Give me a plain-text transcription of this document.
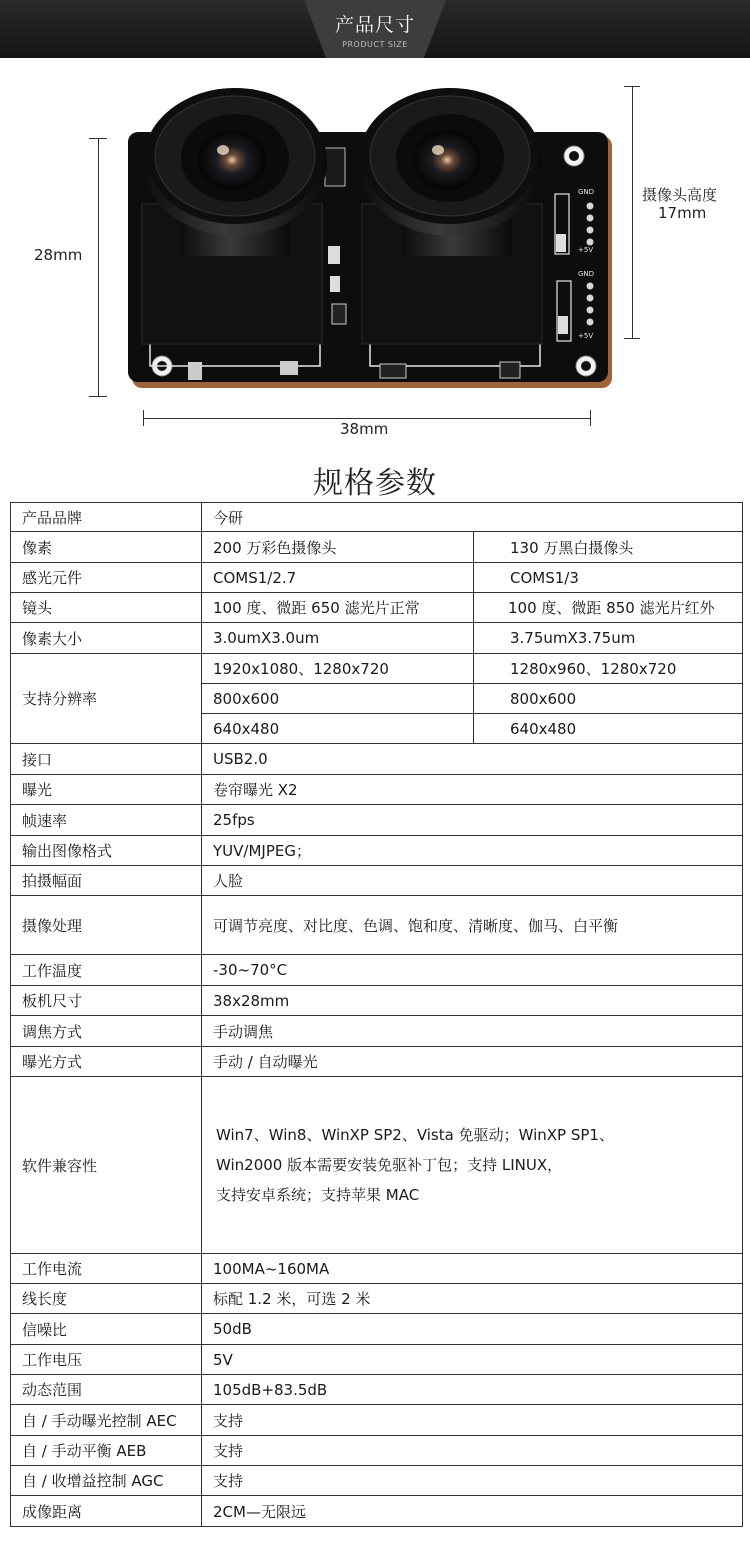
产品尺寸
PRODUCT SIZE
28mm
摄像头高度
17mm
38mm
GND
+5V
GND
+5V
规格参数
产品品牌	今研	
像素	200 万彩色摄像头	130 万黑白摄像头
感光元件	COMS1/2.7	COMS1/3
镜头	100 度、微距 650 滤光片正常	100 度、微距 850 滤光片红外
像素大小	3.0umX3.0um	3.75umX3.75um
支持分辨率	1920x1080、1280x720	1280x960、1280x720
	800x600	800x600
	640x480	640x480
接口	USB2.0	
曝光	卷帘曝光 X2	
帧速率	25fps	
输出图像格式	YUV/MJPEG；	
拍摄幅面	人脸	
摄像处理	可调节亮度、对比度、色调、饱和度、清晰度、伽马、白平衡	
工作温度	-30~70°C	
板机尺寸	38x28mm	
调焦方式	手动调焦	
曝光方式	手动 / 自动曝光	
软件兼容性	Win7、Win8、WinXP SP2、Vista 免驱动；WinXP SP1、
Win2000 版本需要安装免驱补丁包；支持 LINUX，
支持安卓系统；支持苹果 MAC	

工作电流	100MA~160MA	
线长度	标配 1.2 米，可选 2 米	
信噪比	50dB	
工作电压	5V	
动态范围	105dB+83.5dB	
自 / 手动曝光控制 AEC	支持	
自 / 手动平衡 AEB	支持	
自 / 收增益控制 AGC	支持	
成像距离	2CM—无限远	
